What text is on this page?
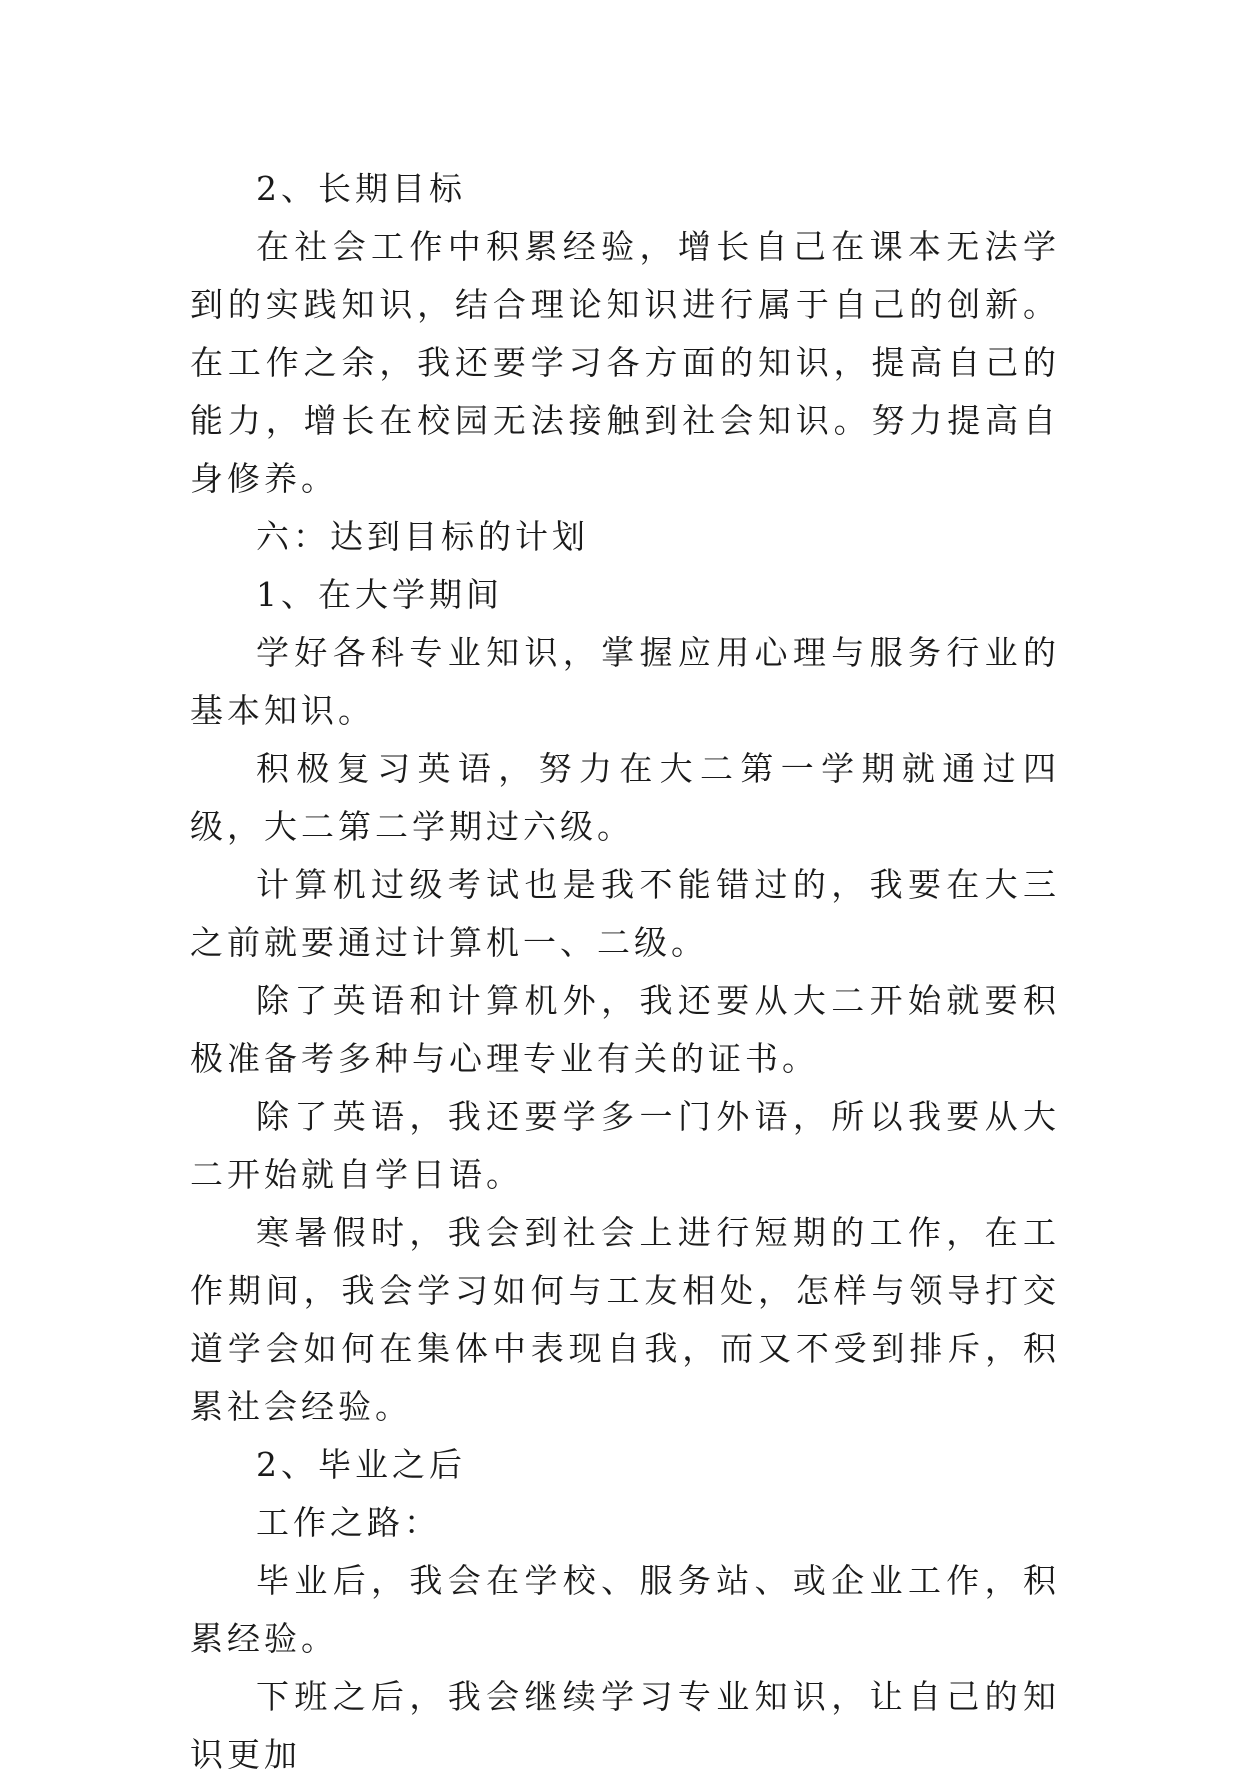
2、长期目标

在社会工作中积累经验，增长自己在课本无法学到的实践知识，结合理论知识进行属于自己的创新。在工作之余，我还要学习各方面的知识，提高自己的能力，增长在校园无法接触到社会知识。努力提高自身修养。

六：达到目标的计划

1、在大学期间

学好各科专业知识，掌握应用心理与服务行业的基本知识。

积极复习英语，努力在大二第一学期就通过四级，大二第二学期过六级。

计算机过级考试也是我不能错过的，我要在大三之前就要通过计算机一、二级。

除了英语和计算机外，我还要从大二开始就要积极准备考多种与心理专业有关的证书。

除了英语，我还要学多一门外语，所以我要从大二开始就自学日语。

寒暑假时，我会到社会上进行短期的工作，在工作期间，我会学习如何与工友相处，怎样与领导打交道学会如何在集体中表现自我，而又不受到排斥，积累社会经验。

2、毕业之后

工作之路：

毕业后，我会在学校、服务站、或企业工作，积累经验。

下班之后，我会继续学习专业知识，让自己的知识更加
